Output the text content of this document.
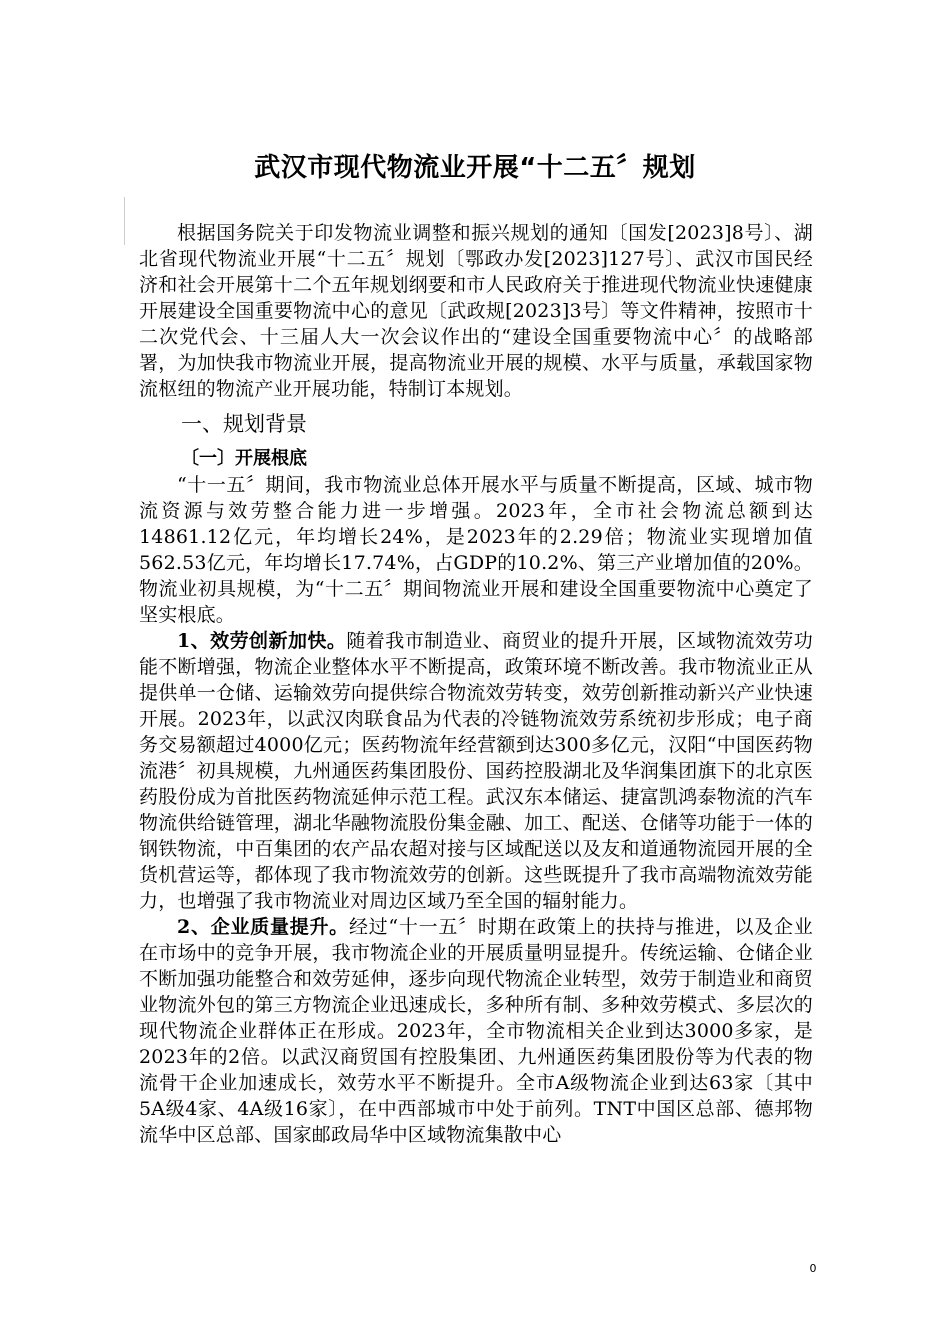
武汉市现代物流业开展“十二五〞规划

根据国务院关于印发物流业调整和振兴规划的通知〔国发[2023]8号〕、湖北省现代物流业开展“十二五〞规划〔鄂政办发[2023]127号〕、武汉市国民经济和社会开展第十二个五年规划纲要和市人民政府关于推进现代物流业快速健康开展建设全国重要物流中心的意见〔武政规[2023]3号〕等文件精神，按照市十二次党代会、十三届人大一次会议作出的“建设全国重要物流中心〞的战略部署，为加快我市物流业开展，提高物流业开展的规模、水平与质量，承载国家物流枢纽的物流产业开展功能，特制订本规划。

一、规划背景
〔一〕开展根底

“十一五〞期间，我市物流业总体开展水平与质量不断提高，区域、城市物流资源与效劳整合能力进一步增强。2023年，全市社会物流总额到达14861.12亿元，年均增长24%，是2023年的2.29倍；物流业实现增加值562.53亿元，年均增长17.74%，占GDP的10.2%、第三产业增加值的20%。物流业初具规模，为“十二五〞期间物流业开展和建设全国重要物流中心奠定了坚实根底。

1、效劳创新加快。随着我市制造业、商贸业的提升开展，区域物流效劳功能不断增强，物流企业整体水平不断提高，政策环境不断改善。我市物流业正从提供单一仓储、运输效劳向提供综合物流效劳转变，效劳创新推动新兴产业快速开展。2023年，以武汉肉联食品为代表的冷链物流效劳系统初步形成；电子商务交易额超过4000亿元；医药物流年经营额到达300多亿元，汉阳“中国医药物流港〞初具规模，九州通医药集团股份、国药控股湖北及华润集团旗下的北京医药股份成为首批医药物流延伸示范工程。武汉东本储运、捷富凯鸿泰物流的汽车物流供给链管理，湖北华融物流股份集金融、加工、配送、仓储等功能于一体的钢铁物流，中百集团的农产品农超对接与区域配送以及友和道通物流园开展的全货机营运等，都体现了我市物流效劳的创新。这些既提升了我市高端物流效劳能力，也增强了我市物流业对周边区域乃至全国的辐射能力。

2、企业质量提升。经过“十一五〞时期在政策上的扶持与推进，以及企业在市场中的竞争开展，我市物流企业的开展质量明显提升。传统运输、仓储企业不断加强功能整合和效劳延伸，逐步向现代物流企业转型，效劳于制造业和商贸业物流外包的第三方物流企业迅速成长，多种所有制、多种效劳模式、多层次的现代物流企业群体正在形成。2023年，全市物流相关企业到达3000多家，是2023年的2倍。以武汉商贸国有控股集团、九州通医药集团股份等为代表的物流骨干企业加速成长，效劳水平不断提升。全市A级物流企业到达63家〔其中5A级4家、4A级16家〕，在中西部城市中处于前列。TNT中国区总部、德邦物流华中区总部、国家邮政局华中区域物流集散中心

0
